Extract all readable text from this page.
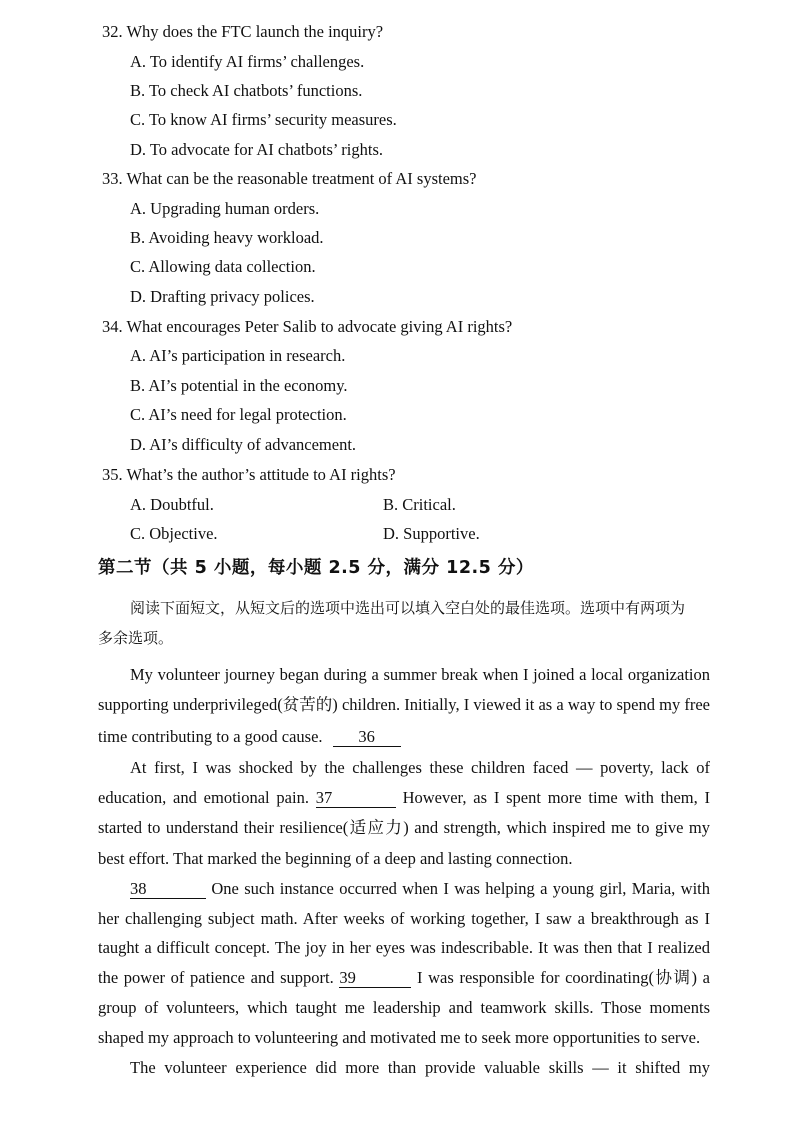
32. Why does the FTC launch the inquiry?
A. To identify AI firms’ challenges.
B. To check AI chatbots’ functions.
C. To know AI firms’ security measures.
D. To advocate for AI chatbots’ rights.
33. What can be the reasonable treatment of AI systems?
A. Upgrading human orders.
B. Avoiding heavy workload.
C. Allowing data collection.
D. Drafting privacy polices.
34. What encourages Peter Salib to advocate giving AI rights?
A. AI’s participation in research.
B. AI’s potential in the economy.
C. AI’s need for legal protection.
D. AI’s difficulty of advancement.
35. What’s the author’s attitude to AI rights?
A. Doubtful.	B. Critical.
C. Objective.	D. Supportive.
第二节（共 5 小题，每小题 2.5 分，满分 12.5 分）
阅读下面短文，从短文后的选项中选出可以填入空白处的最佳选项。选项中有两项为
多余选项。
My volunteer journey began during a summer break when I joined a local organization
supporting underprivileged(贫苦的) children. Initially, I viewed it as a way to spend my free
time contributing to a good cause. 36
At first, I was shocked by the challenges these children faced — poverty, lack of
education, and emotional pain. 37	However, as I spent more time with them, I
started to understand their resilience(适应力) and strength, which inspired me to give my
best effort. That marked the beginning of a deep and lasting connection.
38	One such instance occurred when I was helping a young girl, Maria, with
her challenging subject math. After weeks of working together, I saw a breakthrough as I
taught a difficult concept. The joy in her eyes was indescribable. It was then that I realized
the power of patience and support. 39	I was responsible for coordinating(协调) a
group of volunteers, which taught me leadership and teamwork skills. Those moments
shaped my approach to volunteering and motivated me to seek more opportunities to serve.
The volunteer experience did more than provide valuable skills — it shifted my
